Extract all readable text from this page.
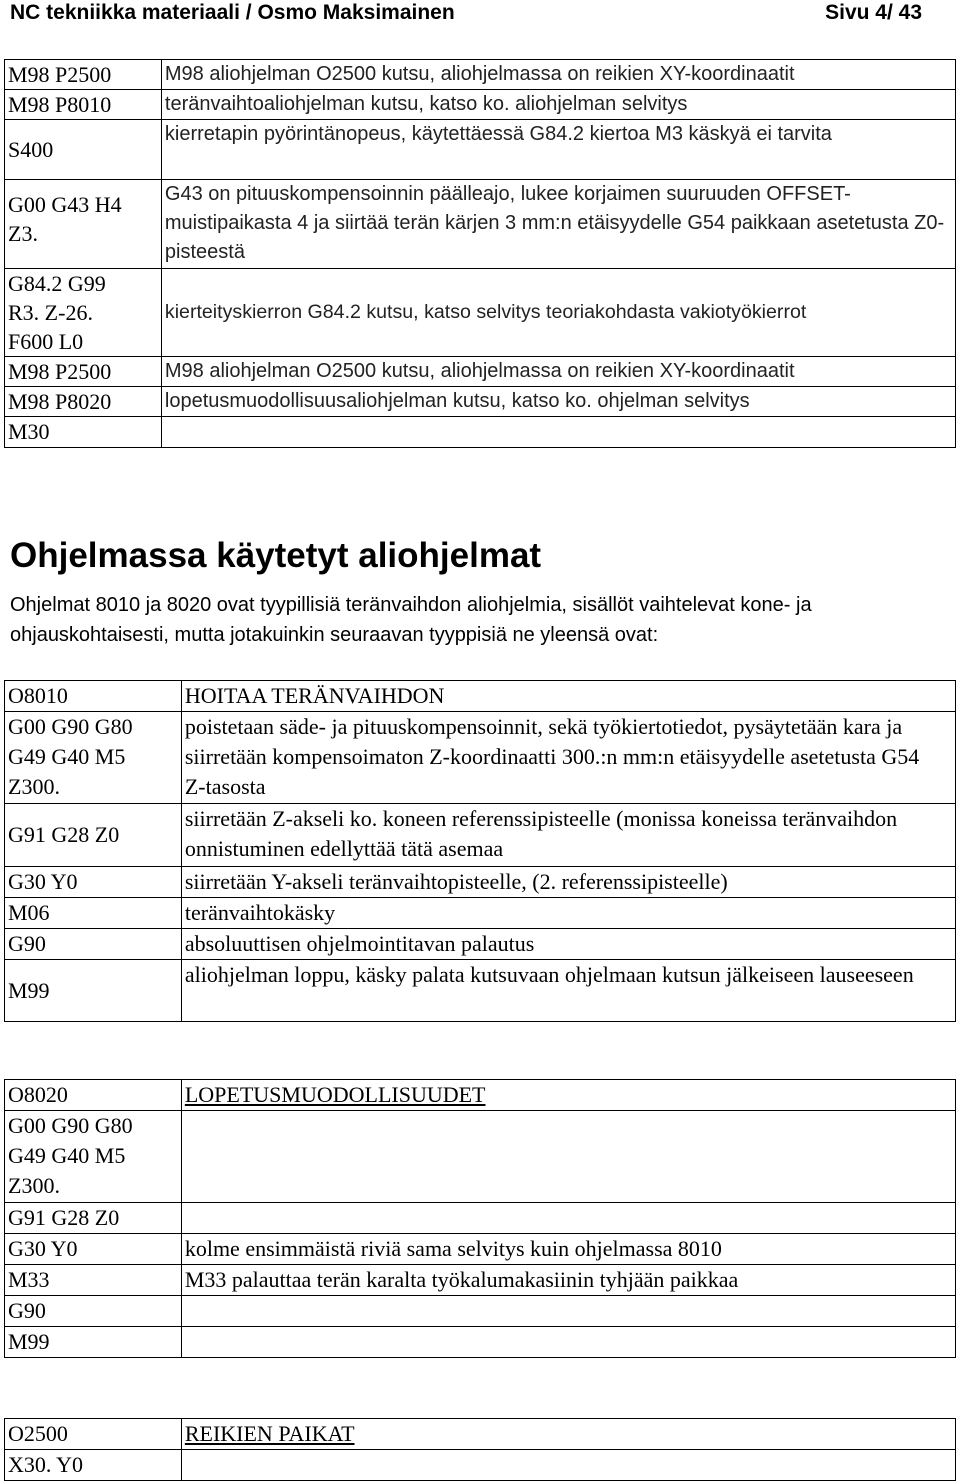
NC tekniikka materiaali / Osmo Maksimainen	Sivu 4/ 43
M98 P2500	M98 aliohjelman O2500 kutsu, aliohjelmassa on reikien XY-koordinaatit
M98 P8010	teränvaihtoaliohjelman kutsu, katso ko. aliohjelman selvitys
S400	kierretapin pyörintänopeus, käytettäessä G84.2 kiertoa M3 käskyä ei tarvita
G00 G43 H4 Z3.	G43 on pituuskompensoinnin päälleajo, lukee korjaimen suuruuden OFFSET- muistipaikasta 4 ja siirtää terän kärjen 3 mm:n etäisyydelle G54 paikkaan asetetusta Z0- pisteestä
G84.2 G99 R3. Z-26. F600 L0	kierteityskierron G84.2 kutsu, katso selvitys teoriakohdasta vakiotyökierrot
M98 P2500	M98 aliohjelman O2500 kutsu, aliohjelmassa on reikien XY-koordinaatit
M98 P8020	lopetusmuodollisuusaliohjelman kutsu, katso ko. ohjelman selvitys
M30	
Ohjelmassa käytetyt aliohjelmat

Ohjelmat 8010 ja 8020 ovat tyypillisiä teränvaihdon aliohjelmia, sisällöt vaihtelevat kone- ja ohjauskohtaisesti, mutta jotakuinkin seuraavan tyyppisiä ne yleensä ovat:

O8010	HOITAA TERÄNVAIHDON
G00 G90 G80 G49 G40 M5 Z300.	poistetaan säde- ja pituuskompensoinnit, sekä työkiertotiedot, pysäytetään kara ja siirretään kompensoimaton Z-koordinaatti 300.:n mm:n etäisyydelle asetetusta G54 Z-tasosta
G91 G28 Z0	siirretään Z-akseli ko. koneen referenssipisteelle (monissa koneissa teränvaihdon onnistuminen edellyttää tätä asemaa
G30 Y0	siirretään Y-akseli teränvaihtopisteelle, (2. referenssipisteelle)
M06	teränvaihtokäsky
G90	absoluuttisen ohjelmointitavan palautus
M99	aliohjelman loppu, käsky palata kutsuvaan ohjelmaan kutsun jälkeiseen lauseeseen
O8020	LOPETUSMUODOLLISUUDET
G00 G90 G80 G49 G40 M5 Z300.	
G91 G28 Z0	
G30 Y0	kolme ensimmäistä riviä sama selvitys kuin ohjelmassa 8010
M33	M33 palauttaa terän karalta työkalumakasiinin tyhjään paikkaa
G90	
M99	
O2500	REIKIEN PAIKAT
X30. Y0	
